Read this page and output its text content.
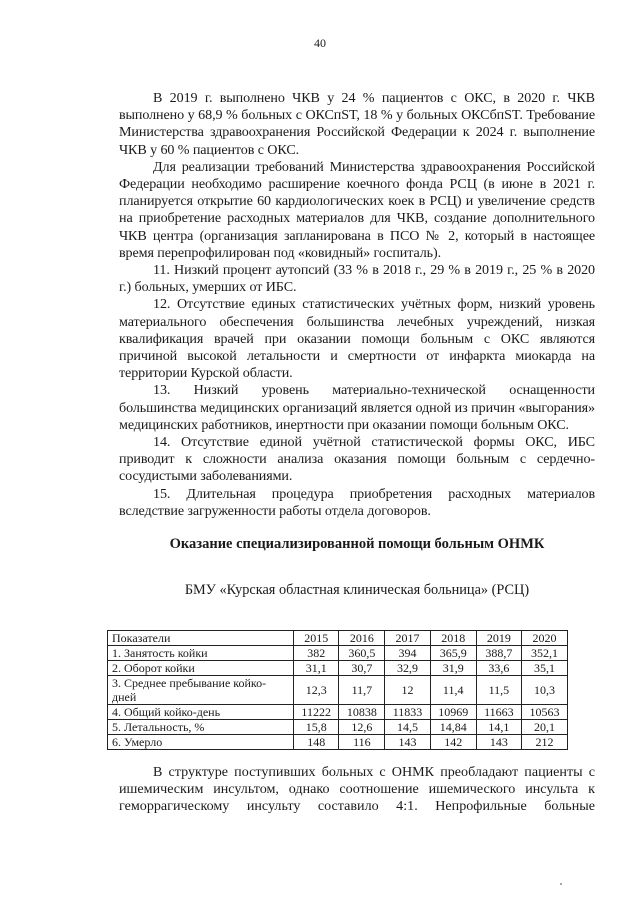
40

В 2019 г. выполнено ЧКВ у 24 % пациентов с ОКС, в 2020 г. ЧКВ выполнено у 68,9 % больных с ОКСпST, 18 % у больных ОКСбпST. Требование Министерства здравоохранения Российской Федерации к 2024 г. выполнение ЧКВ у 60 % пациентов с ОКС.

Для реализации требований Министерства здравоохранения Российской Федерации необходимо расширение коечного фонда РСЦ (в июне в 2021 г. планируется открытие 60 кардиологических коек в РСЦ) и увеличение средств на приобретение расходных материалов для ЧКВ, создание дополнительного ЧКВ центра (организация запланирована в ПСО № 2, который в настоящее время перепрофилирован под «ковидный» госпиталь).

11. Низкий процент аутопсий (33 % в 2018 г., 29 % в 2019 г., 25 % в 2020 г.) больных, умерших от ИБС.

12. Отсутствие единых статистических учётных форм, низкий уровень материального обеспечения большинства лечебных учреждений, низкая квалификация врачей при оказании помощи больным с ОКС являются причиной высокой летальности и смертности от инфаркта миокарда на территории Курской области.

13. Низкий уровень материально-технической оснащенности большинства медицинских организаций является одной из причин «выгорания» медицинских работников, инертности при оказании помощи больным ОКС.

14. Отсутствие единой учётной статистической формы ОКС, ИБС приводит к сложности анализа оказания помощи больным с сердечно-сосудистыми заболеваниями.

15. Длительная процедура приобретения расходных материалов вследствие загруженности работы отдела договоров.

Оказание специализированной помощи больным ОНМК
БМУ «Курская областная клиническая больница» (РСЦ)
Показатели	2015	2016	2017	2018	2019	2020
1. Занятость койки	382	360,5	394	365,9	388,7	352,1
2. Оборот койки	31,1	30,7	32,9	31,9	33,6	35,1
3. Среднее пребывание койко-дней	12,3	11,7	12	11,4	11,5	10,3
4. Общий койко-день	11222	10838	11833	10969	11663	10563
5. Летальность, %	15,8	12,6	14,5	14,84	14,1	20,1
6. Умерло	148	116	143	142	143	212

В структуре поступивших больных с ОНМК преобладают пациенты с ишемическим инсультом, однако соотношение ишемического инсульта к геморрагическому инсульту составило 4:1. Непрофильные больные
